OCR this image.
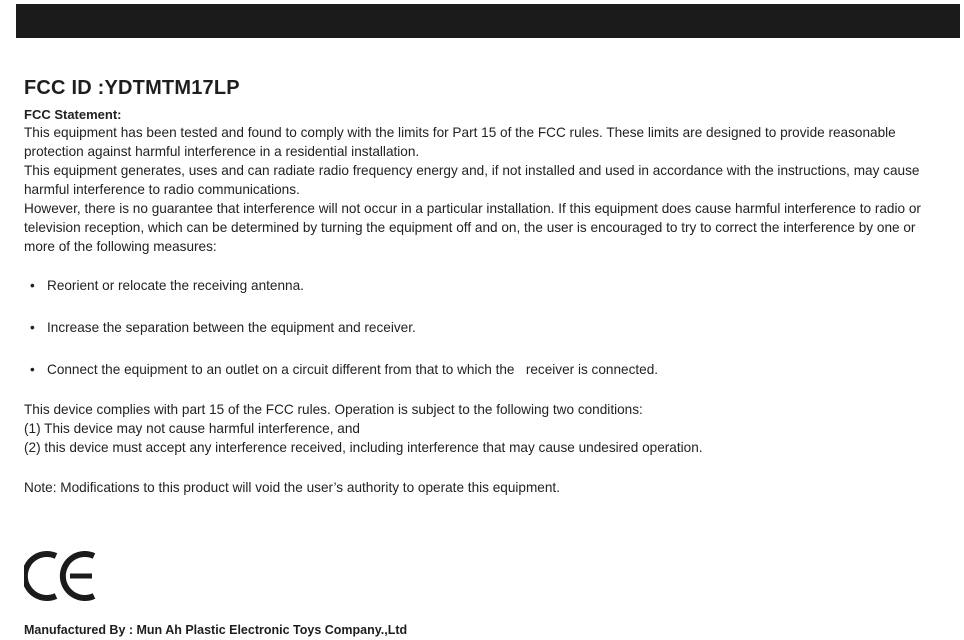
FCC ID :YDTMTM17LP
FCC Statement:

This equipment has been tested and found to comply with the limits for Part 15 of the FCC rules. These limits are designed to provide reasonable protection against harmful interference in a residential installation.

This equipment generates, uses and can radiate radio frequency energy and, if not installed and used in accordance with the instructions, may cause harmful interference to radio communications.

However, there is no guarantee that interference will not occur in a particular installation. If this equipment does cause harmful interference to radio or television reception, which can be determined by turning the equipment off and on, the user is encouraged to try to correct the interference by one or more of the following measures:

• Reorient or relocate the receiving antenna.
• Increase the separation between the equipment and receiver.
• Connect the equipment to an outlet on a circuit different from that to which the   receiver is connected.

This device complies with part 15 of the FCC rules. Operation is subject to the following two conditions:

(1) This device may not cause harmful interference, and

(2) this device must accept any interference received, including interference that may cause undesired operation.

Note: Modifications to this product will void the user’s authority to operate this equipment.

Manufactured By : Mun Ah Plastic Electronic Toys Company.,Ltd
